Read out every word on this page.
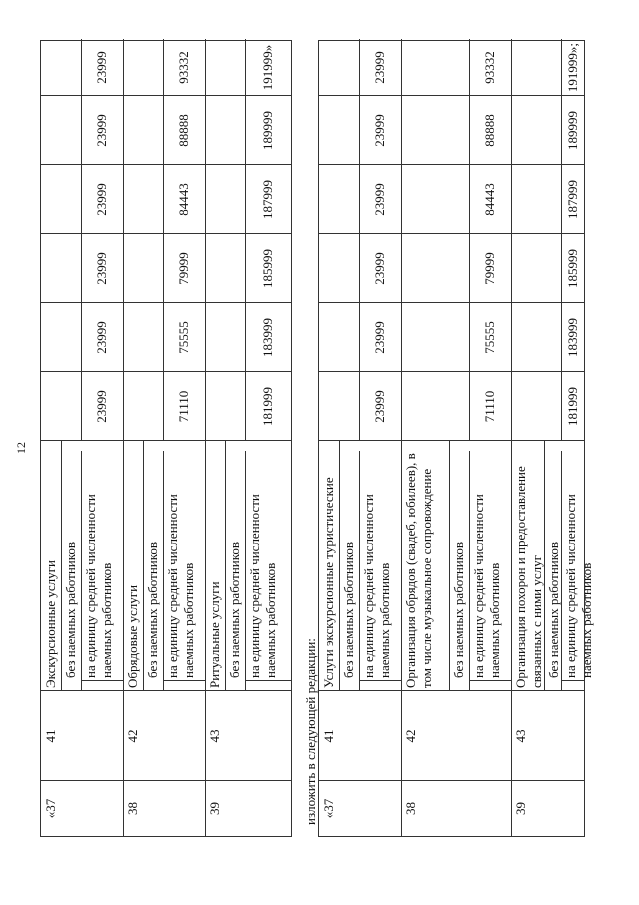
12
«37
41
Экскурсионные услуги без наемных работников на единицу средней численности наемных работников
23999
23999
23999
23999
23999
23999
38
42
Обрядовые услуги без наемных работников на единицу средней численности наемных работников
71110
75555
79999
84443
88888
93332
39
43
Ритуальные услуги без наемных работников на единицу средней численности наемных работников
181999
183999
185999
187999
189999
191999»
изложить в следующей редакции: «37
41
Услуги экскурсионные туристические без наемных работников на единицу средней численности наемных работников
23999
23999
23999
23999
23999
23999
38
42
Организация обрядов (свадеб, юбилеев), в том числе музыкальное сопровождение	без наемных работников на единицу средней численности наемных работников
71110
75555
79999
84443
88888
93332
39
43
Организация похорон и предоставление связанных с ними услуг без наемных работников на единицу средней численности наемных работников
181999
183999
185999
187999
189999
191999»;
